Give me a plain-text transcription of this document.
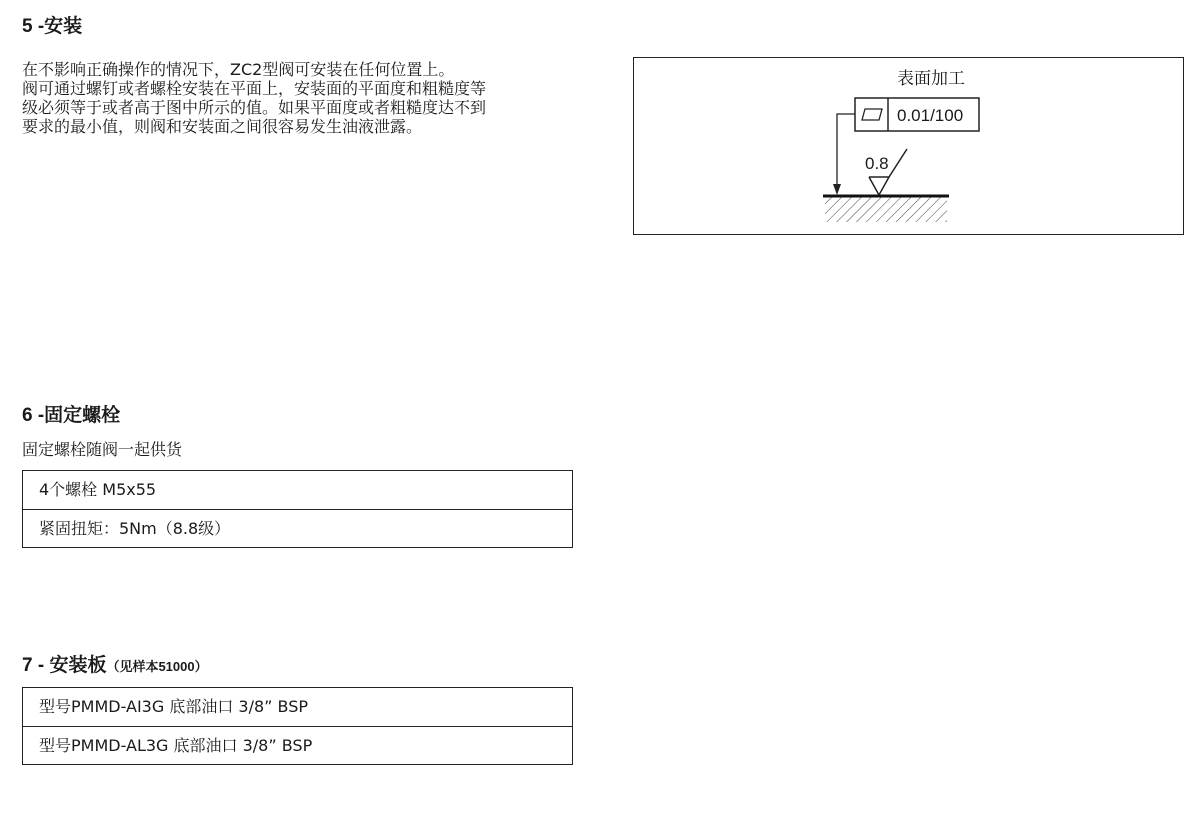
5 -安装

在不影响正确操作的情况下，ZC2型阀可安装在任何位置上。

阀可通过螺钉或者螺栓安装在平面上，安装面的平面度和粗糙度等

级必须等于或者高于图中所示的值。如果平面度或者粗糙度达不到

要求的最小值，则阀和安装面之间很容易发生油液泄露。

表面加工
0.01/100
0.8
6 -固定螺栓

固定螺栓随阀一起供货

4个螺栓 M5x55
紧固扭矩：5Nm（8.8级）
7 - 安装板（见样本51000）
型号PMMD-AI3G 底部油口 3/8” BSP
型号PMMD-AL3G 底部油口 3/8” BSP
